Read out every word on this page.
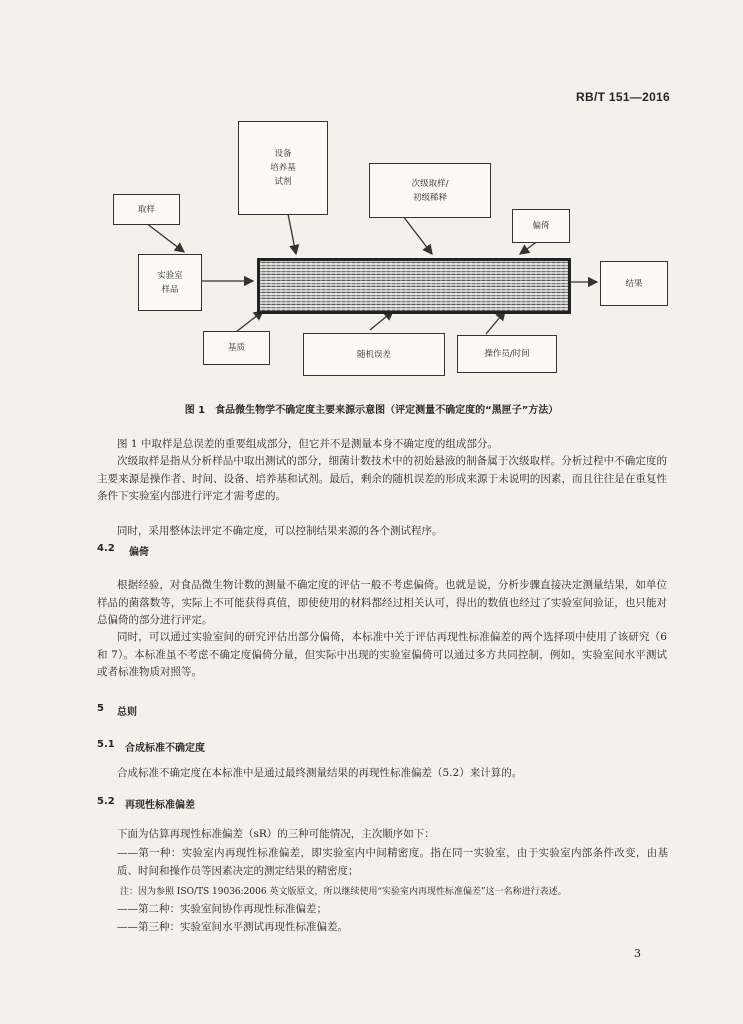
RB/T 151—2016
设备
培养基
试剂	次级取样/
初级稀释
取样
偏倚
实验室
样品
结果
基质
随机误差	操作员/时间
图 1　食品微生物学不确定度主要来源示意图（评定测量不确定度的“黑匣子”方法）
图 1 中取样是总误差的重要组成部分，但它并不是测量本身不确定度的组成部分。
次级取样是指从分析样品中取出测试的部分，细菌计数技术中的初始悬液的制备属于次级取样。分析过程中不确定度的主要来源是操作者、时间、设备、培养基和试剂。最后，剩余的随机误差的形成来源于未说明的因素，而且往往是在重复性条件下实验室内部进行评定才需考虑的。
同时，采用整体法评定不确定度，可以控制结果来源的各个测试程序。
4.2 偏倚
根据经验，对食品微生物计数的测量不确定度的评估一般不考虑偏倚。也就是说，分析步骤直接决定测量结果，如单位样品的菌落数等，实际上不可能获得真值，即使使用的材料都经过相关认可，得出的数值也经过了实验室间验证，也只能对总偏倚的部分进行评定。
同时，可以通过实验室间的研究评估出部分偏倚，本标准中关于评估再现性标准偏差的两个选择项中使用了该研究（6 和 7）。本标准虽不考虑不确定度偏倚分量，但实际中出现的实验室偏倚可以通过多方共同控制，例如，实验室间水平测试或者标准物质对照等。
5 总则
5.1 合成标准不确定度
合成标准不确定度在本标准中是通过最终测量结果的再现性标准偏差（5.2）来计算的。
5.2 再现性标准偏差
下面为估算再现性标准偏差（sR）的三种可能情况，主次顺序如下：
——第一种：实验室内再现性标准偏差，即实验室内中间精密度。指在同一实验室，由于实验室内部条件改变，由基质、时间和操作员等因素决定的测定结果的精密度；
注：因为参照 ISO/TS 19036:2006 英文版原文，所以继续使用“实验室内再现性标准偏差”这一名称进行表述。
——第二种：实验室间协作再现性标准偏差；
——第三种：实验室间水平测试再现性标准偏差。
3
